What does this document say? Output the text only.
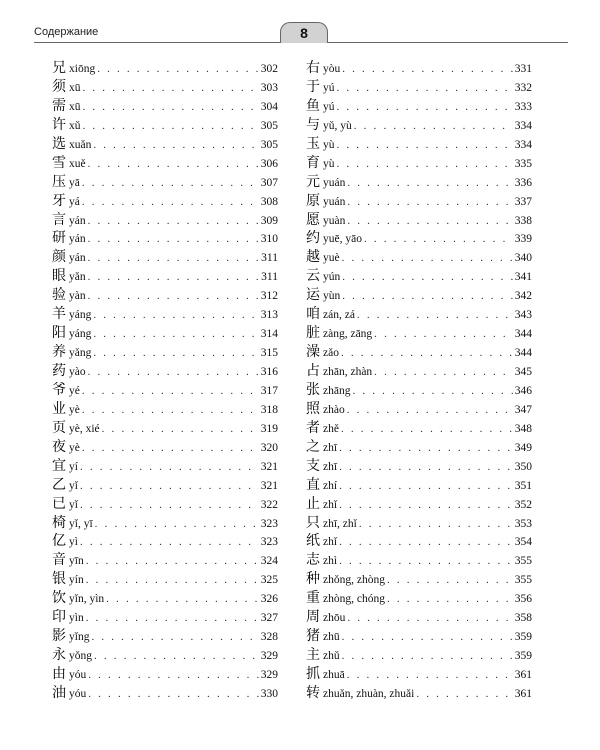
Содержание	8
兄 xiōng . . .	302
须 xū . . .	303
需 xū . . .	304
许 xǔ . . .	305
选 xuǎn . . .	305
雪 xuě . . .	306
压 yā . . .	307
牙 yá . . .	308
言 yán . . .	309
研 yán . . .	310
颜 yán . . .	311
眼 yǎn . . .	311
验 yàn . . .	312
羊 yáng . . .	313
阳 yáng . . .	314
养 yǎng . . .	315
药 yào . . .	316
爷 yé . . .	317
业 yè . . .	318
页 yè, xié . . .	319
夜 yè . . .	320
宜 yí . . .	321
乙 yǐ . . .	321
已 yǐ . . .	322
椅 yǐ, yī . . .	323
亿 yì . . .	323
音 yīn . . .	324
银 yín . . .	325
饮 yǐn, yìn . . .	326
印 yìn . . .	327
影 yǐng . . .	328
永 yǒng . . .	329
由 yóu . . .	329
油 yóu . . .	330
右 yòu . . .	331
于 yú . . .	332
鱼 yú . . .	333
与 yǔ, yù . . .	334
玉 yù . . .	334
育 yù . . .	335
元 yuán . . .	336
原 yuán . . .	337
愿 yuàn . . .	338
约 yuē, yāo . . .	339
越 yuè . . .	340
云 yún . . .	341
运 yùn . . .	342
咱 zán, zá . . .	343
脏 zàng, zāng . . .	344
澡 zǎo . . .	344
占 zhān, zhàn . . .	345
张 zhāng . . .	346
照 zhào . . .	347
者 zhě . . .	348
之 zhī . . .	349
支 zhī . . .	350
直 zhí . . .	351
止 zhǐ . . .	352
只 zhī, zhǐ . . .	353
纸 zhǐ . . .	354
志 zhì . . .	355
种 zhǒng, zhòng . . .	355
重 zhòng, chóng . . .	356
周 zhōu . . .	358
猪 zhū . . .	359
主 zhǔ . . .	359
抓 zhuā . . .	361
转 zhuǎn, zhuàn, zhuǎi . . .	361
